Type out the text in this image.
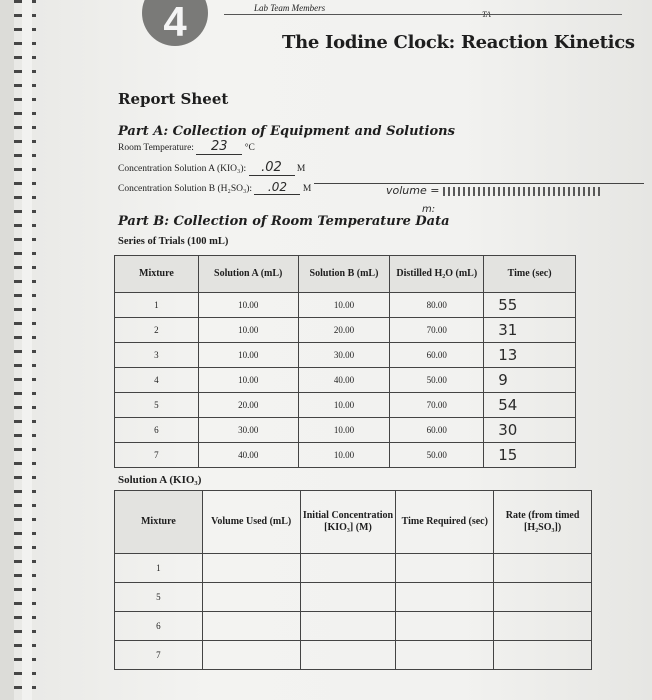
4	Lab Team Members
TA
The Iodine Clock: Reaction Kinetics
Report Sheet
Part A: Collection of Equipment and Solutions
Room Temperature: 23 °C
Concentration Solution A (KIO₃): .02 M
Concentration Solution B (H₂SO₃): .02 M	volume =
m:
Part B: Collection of Room Temperature Data
Series of Trials (100 mL)
Mixture	Solution A (mL)	Solution B (mL)	Distilled H₂O (mL)	Time (sec)
1	10.00	10.00	80.00	55
2	10.00	20.00	70.00	31
3	10.00	30.00	60.00	13
4	10.00	40.00	50.00	9
5	20.00	10.00	70.00	54
6	30.00	10.00	60.00	30
7	40.00	10.00	50.00	15
Solution A (KIO₃)
Mixture	Volume Used (mL)	Initial Concentration [KIO₃] (M)	Time Required (sec)	Rate (from timed [H₂SO₃])
1				
5				
6				
7				
